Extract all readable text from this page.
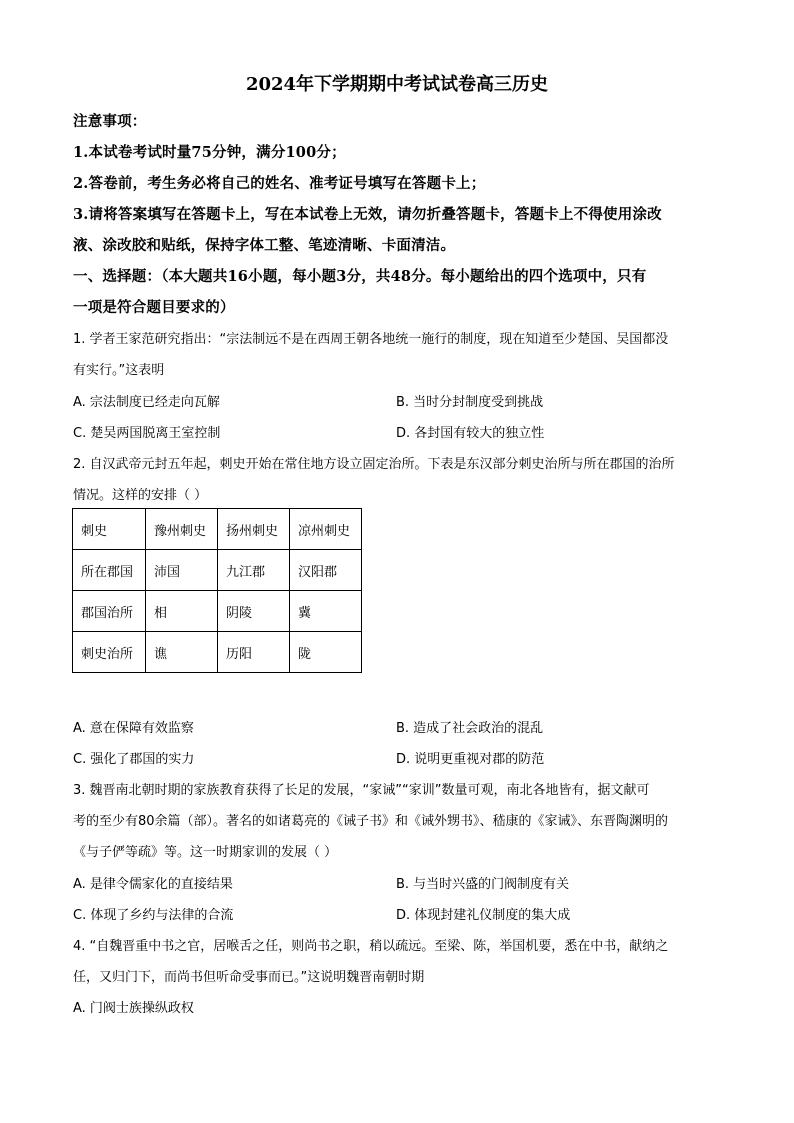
2024年下学期期中考试试卷高三历史
注意事项：
1.本试卷考试时量75分钟，满分100分；
2.答卷前，考生务必将自己的姓名、准考证号填写在答题卡上；
3.请将答案填写在答题卡上，写在本试卷上无效，请勿折叠答题卡，答题卡上不得使用涂改
液、涂改胶和贴纸，保持字体工整、笔迹清晰、卡面清洁。
一、选择题：（本大题共16小题，每小题3分，共48分。每小题给出的四个选项中，只有
一项是符合题目要求的）
1. 学者王家范研究指出：“宗法制远不是在西周王朝各地统一施行的制度，现在知道至少楚国、吴国都没
有实行。”这表明
A. 宗法制度已经走向瓦解	B. 当时分封制度受到挑战
C. 楚吴两国脱离王室控制	D. 各封国有较大的独立性
2. 自汉武帝元封五年起，刺史开始在常住地方设立固定治所。下表是东汉部分刺史治所与所在郡国的治所
情况。这样的安排（ ）
刺史	豫州刺史	扬州刺史	凉州刺史
所在郡国	沛国	九江郡	汉阳郡
郡国治所	相	阴陵	冀
刺史治所	谯	历阳	陇
A. 意在保障有效监察	B. 造成了社会政治的混乱
C. 强化了郡国的实力	D. 说明更重视对郡的防范
3. 魏晋南北朝时期的家族教育获得了长足的发展，“家诫”“家训”数量可观，南北各地皆有，据文献可
考的至少有80余篇（部）。著名的如诸葛亮的《诫子书》和《诫外甥书》、嵇康的《家诫》、东晋陶渊明的
《与子俨等疏》等。这一时期家训的发展（ ）
A. 是律令儒家化的直接结果	B. 与当时兴盛的门阀制度有关
C. 体现了乡约与法律的合流	D. 体现封建礼仪制度的集大成
4. “自魏晋重中书之官，居喉舌之任，则尚书之职，稍以疏远。至梁、陈，举国机要，悉在中书，献纳之
任，又归门下，而尚书但听命受事而已。”这说明魏晋南朝时期
A. 门阀士族操纵政权
